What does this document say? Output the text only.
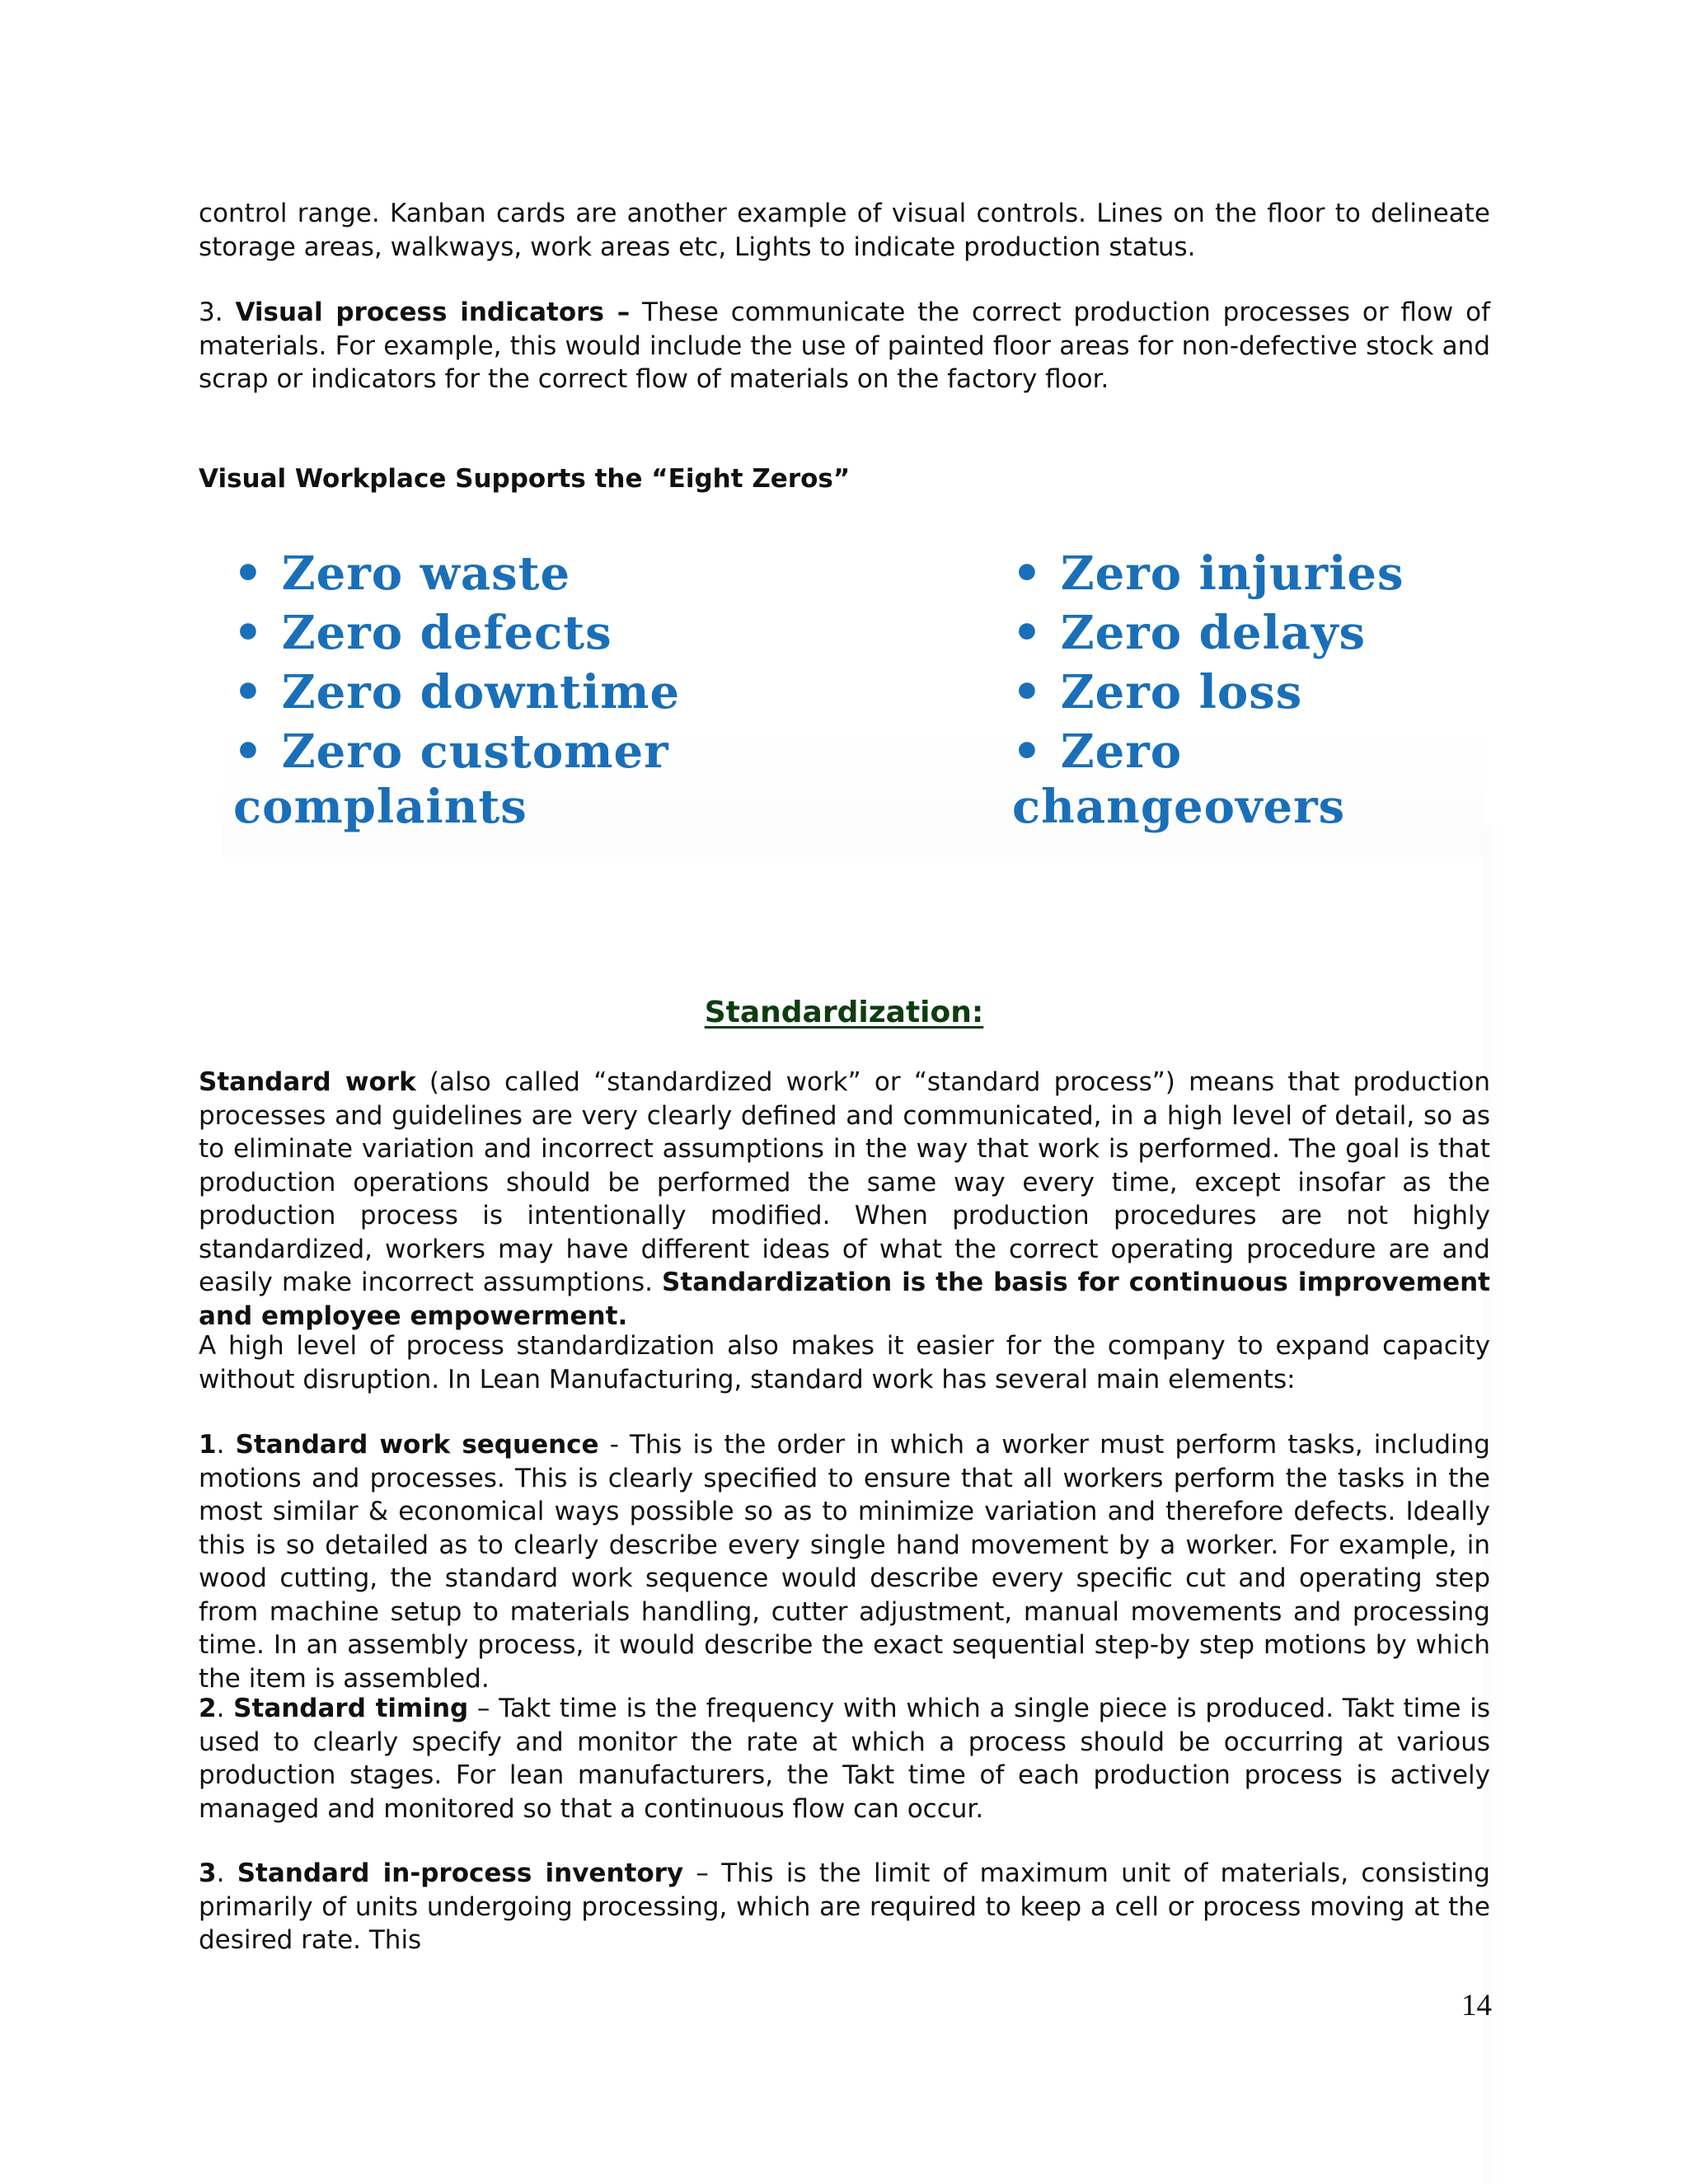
control range. Kanban cards are another example of visual controls. Lines on the floor to delineate storage areas, walkways, work areas etc, Lights to indicate production status.

3. Visual process indicators – These communicate the correct production processes or flow of materials. For example, this would include the use of painted floor areas for non-defective stock and scrap or indicators for the correct flow of materials on the factory floor.

Visual Workplace Supports the “Eight Zeros”

• Zero waste

• Zero defects

• Zero downtime

• Zero customer

complaints

• Zero injuries

• Zero delays

• Zero loss

• Zero

changeovers

Standardization:

Standard work (also called “standardized work” or “standard process”) means that production processes and guidelines are very clearly defined and communicated, in a high level of detail, so as to eliminate variation and incorrect assumptions in the way that work is performed. The goal is that production operations should be performed the same way every time, except insofar as the production process is intentionally modified. When production procedures are not highly standardized, workers may have different ideas of what the correct operating procedure are and easily make incorrect assumptions. Standardization is the basis for continuous improvement and employee empowerment.

A high level of process standardization also makes it easier for the company to expand capacity without disruption. In Lean Manufacturing, standard work has several main elements:

1. Standard work sequence - This is the order in which a worker must perform tasks, including motions and processes. This is clearly specified to ensure that all workers perform the tasks in the most similar & economical ways possible so as to minimize variation and therefore defects. Ideally this is so detailed as to clearly describe every single hand movement by a worker. For example, in wood cutting, the standard work sequence would describe every specific cut and operating step from machine setup to materials handling, cutter adjustment, manual movements and processing time. In an assembly process, it would describe the exact sequential step-by step motions by which the item is assembled.

2. Standard timing – Takt time is the frequency with which a single piece is produced. Takt time is used to clearly specify and monitor the rate at which a process should be occurring at various production stages. For lean manufacturers, the Takt time of each production process is actively managed and monitored so that a continuous flow can occur.

3. Standard in-process inventory – This is the limit of maximum unit of materials, consisting primarily of units undergoing processing, which are required to keep a cell or process moving at the desired rate. This

14
